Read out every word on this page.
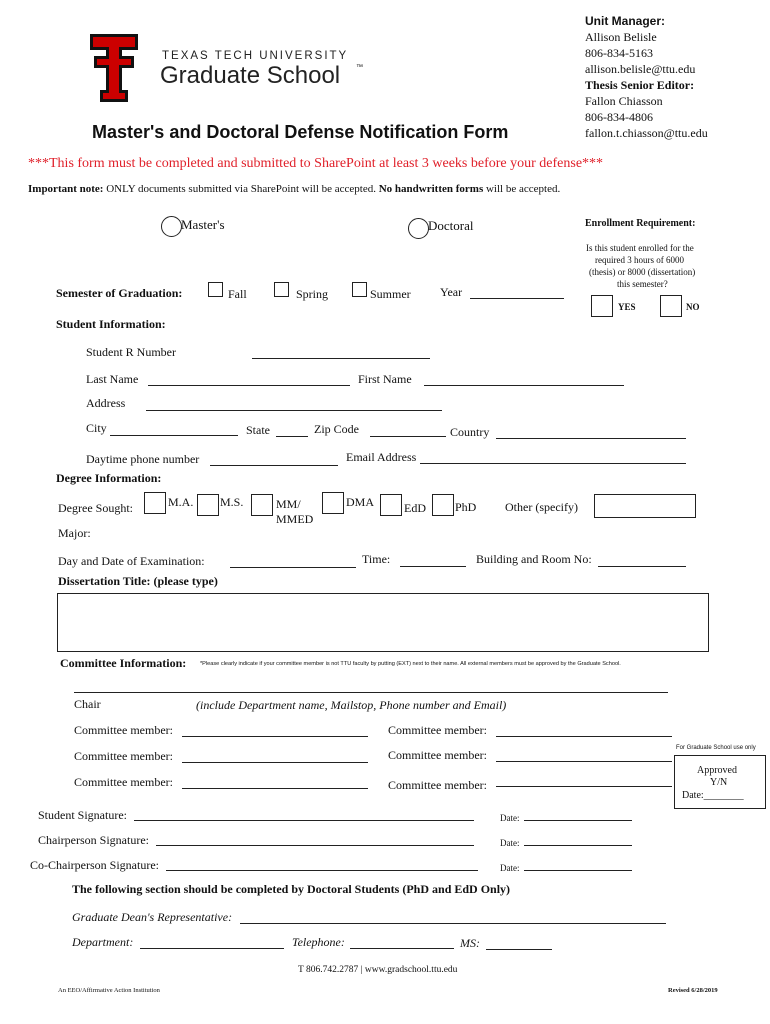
TEXAS TECH UNIVERSITY
Graduate School ™
Master's and Doctoral Defense Notification Form
Unit Manager:
Allison Belisle
806-834-5163
allison.belisle@ttu.edu
Thesis Senior Editor:
Fallon Chiasson
806-834-4806
fallon.t.chiasson@ttu.edu
***This form must be completed and submitted to SharePoint at least 3 weeks before your defense***
Important note: ONLY documents submitted via SharePoint will be accepted. No handwritten forms will be accepted.
Master's	Doctoral	Enrollment Requirement:
Is this student enrolled for the
required 3 hours of 6000
(thesis) or 8000 (dissertation)
this semester?
YES	NO
Semester of Graduation:	Fall	Spring	Summer Year
Student Information:
Student R Number
Last Name	First Name
Address
City	State	Zip Code	Country
Daytime phone number	Email Address
Degree Information:
Degree Sought:	M.A. M.S.	MM/
MMED
DMA EdD PhD Other (specify)
Major:
Day and Date of Examination:	Time:	Building and Room No:
Dissertation Title: (please type)
Committee Information: *Please clearly indicate if your committee member is not TTU faculty by putting (EXT) next to their name. All external members must be approved by the Graduate School.
Chair	(include Department name, Mailstop, Phone number and Email)
Committee member:	Committee member:
Committee member:	Committee member:
Committee member:	Committee member:
For Graduate School use only
Approved
Y/N
Date:________
Student Signature:	Date:
Chairperson Signature:	Date:
Co-Chairperson Signature:	Date:
The following section should be completed by Doctoral Students (PhD and EdD Only)
Graduate Dean's Representative:
Department:	Telephone:	MS:
T 806.742.2787 | www.gradschool.ttu.edu
An EEO/Affirmative Action Institution	Revised 6/28/2019
